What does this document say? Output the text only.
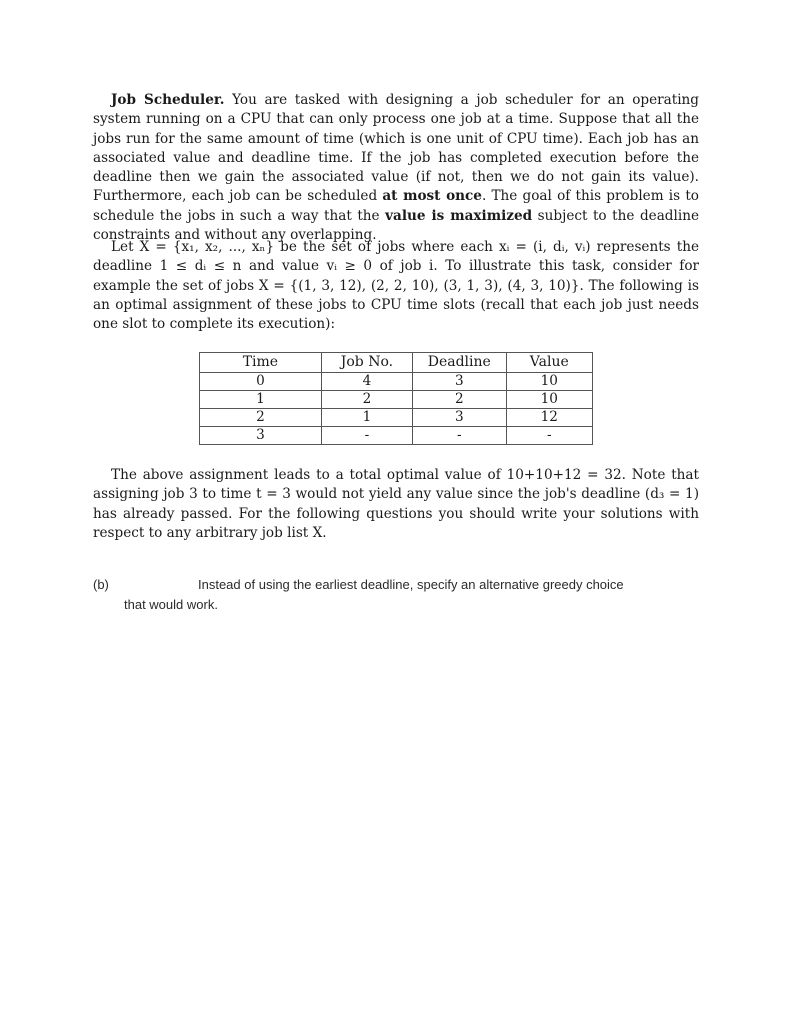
Job Scheduler. You are tasked with designing a job scheduler for an operating system running on a CPU that can only process one job at a time. Suppose that all the jobs run for the same amount of time (which is one unit of CPU time). Each job has an associated value and deadline time. If the job has completed execution before the deadline then we gain the associated value (if not, then we do not gain its value). Furthermore, each job can be scheduled at most once. The goal of this problem is to schedule the jobs in such a way that the value is maximized subject to the deadline constraints and without any overlapping.

Let X = {x₁, x₂, ..., xₙ} be the set of jobs where each xᵢ = (i, dᵢ, vᵢ) represents the deadline 1 ≤ dᵢ ≤ n and value vᵢ ≥ 0 of job i. To illustrate this task, consider for example the set of jobs X = {(1, 3, 12), (2, 2, 10), (3, 1, 3), (4, 3, 10)}. The following is an optimal assignment of these jobs to CPU time slots (recall that each job just needs one slot to complete its execution):

Time	Job No.	Deadline	Value
0	4	3	10
1	2	2	10
2	1	3	12
3	-	-	-

The above assignment leads to a total optimal value of 10+10+12 = 32. Note that assigning job 3 to time t = 3 would not yield any value since the job's deadline (d₃ = 1) has already passed. For the following questions you should write your solutions with respect to any arbitrary job list X.

(b)	Instead of using the earliest deadline, specify an alternative greedy choice
that would work.
